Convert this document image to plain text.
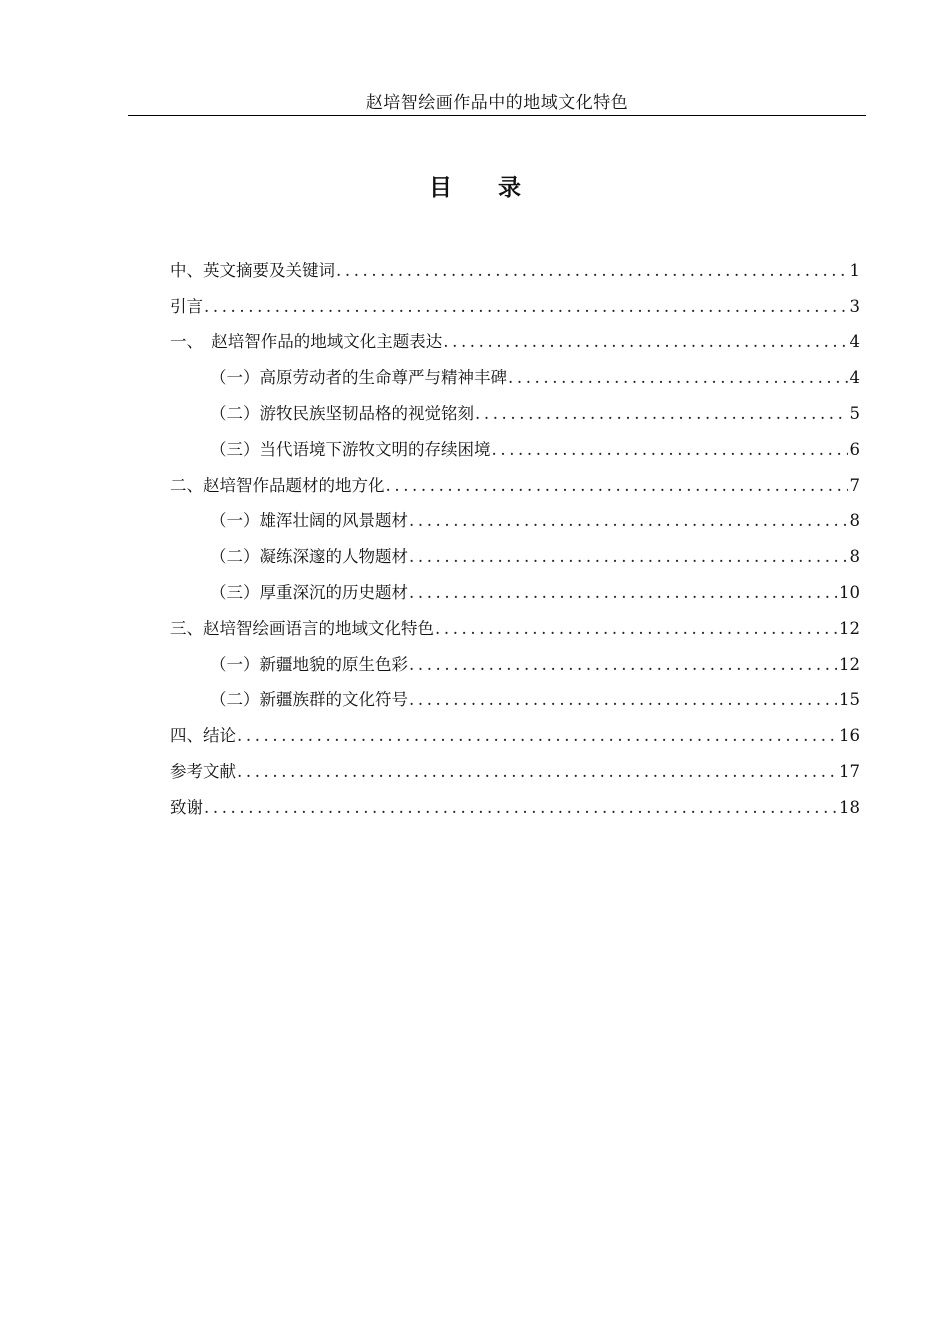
赵培智绘画作品中的地域文化特色
目 录
中、英文摘要及关键词 .....	1
引言 .....	3
一、　赵培智作品的地域文化主题表达 .....	4
（一）高原劳动者的生命尊严与精神丰碑 .....	4
（二）游牧民族坚韧品格的视觉铭刻 .....	5
（三）当代语境下游牧文明的存续困境 .....	6
二、赵培智作品题材的地方化 .....	7
（一）雄浑壮阔的风景题材 .....	8
（二）凝练深邃的人物题材 .....	8
（三）厚重深沉的历史题材 .....	10
三、赵培智绘画语言的地域文化特色 .....	12
（一）新疆地貌的原生色彩 .....	12
（二）新疆族群的文化符号 .....	15
四、结论 .....	16
参考文献 .....	17
致谢 .....	18
